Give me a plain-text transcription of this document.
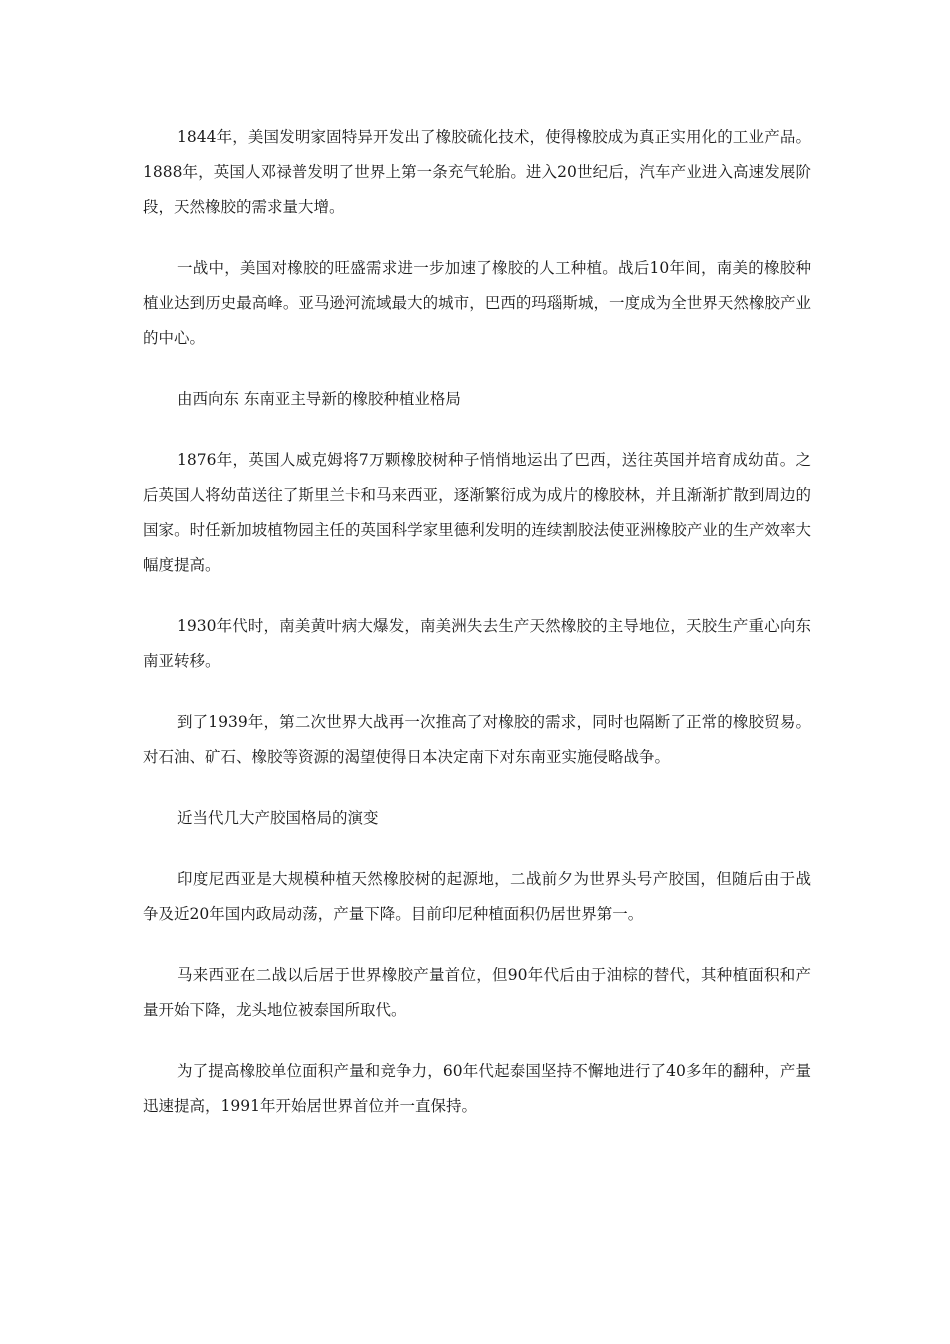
1844年，美国发明家固特异开发出了橡胶硫化技术，使得橡胶成为真正实用化的工业产品。1888年，英国人邓禄普发明了世界上第一条充气轮胎。进入20世纪后，汽车产业进入高速发展阶段，天然橡胶的需求量大增。

一战中，美国对橡胶的旺盛需求进一步加速了橡胶的人工种植。战后10年间，南美的橡胶种植业达到历史最高峰。亚马逊河流域最大的城市，巴西的玛瑙斯城，一度成为全世界天然橡胶产业的中心。

由西向东 东南亚主导新的橡胶种植业格局

1876年，英国人威克姆将7万颗橡胶树种子悄悄地运出了巴西，送往英国并培育成幼苗。之后英国人将幼苗送往了斯里兰卡和马来西亚，逐渐繁衍成为成片的橡胶林，并且渐渐扩散到周边的国家。时任新加坡植物园主任的英国科学家里德利发明的连续割胶法使亚洲橡胶产业的生产效率大幅度提高。

1930年代时，南美黄叶病大爆发，南美洲失去生产天然橡胶的主导地位，天胶生产重心向东南亚转移。

到了1939年，第二次世界大战再一次推高了对橡胶的需求，同时也隔断了正常的橡胶贸易。对石油、矿石、橡胶等资源的渴望使得日本决定南下对东南亚实施侵略战争。

近当代几大产胶国格局的演变

印度尼西亚是大规模种植天然橡胶树的起源地，二战前夕为世界头号产胶国，但随后由于战争及近20年国内政局动荡，产量下降。目前印尼种植面积仍居世界第一。

马来西亚在二战以后居于世界橡胶产量首位，但90年代后由于油棕的替代，其种植面积和产量开始下降，龙头地位被泰国所取代。

为了提高橡胶单位面积产量和竞争力，60年代起泰国坚持不懈地进行了40多年的翻种，产量迅速提高，1991年开始居世界首位并一直保持。
